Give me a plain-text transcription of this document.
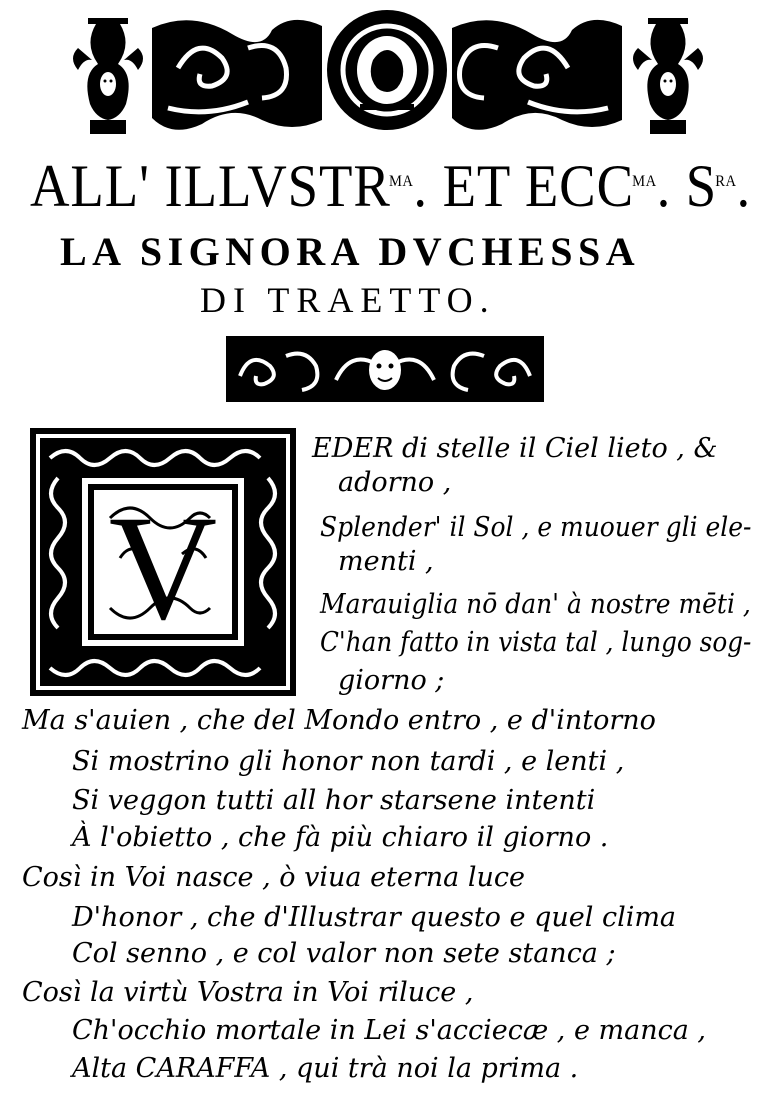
ALL' $ILLVSTR^{MA}$. ET $ECC^{MA}$. $S^{RA}$.
LA SIGNORA DVCHESSA
DI TRAETTO.
V
EDER di stelle il Ciel lieto , &
adorno ,
Splender' il Sol , e muouer gli ele-
menti ,
Marauiglia nō dan' à nostre mēti ,
C'han fatto in vista tal , lungo sog-
giorno ;
Ma s'auien , che del Mondo entro , e d'intorno
Si mostrino gli honor non tardi , e lenti ,
Si veggon tutti all hor starsene intenti
À l'obietto , che fà più chiaro il giorno .
Così in Voi nasce , ò viua eterna luce
D'honor , che d'Illustrar questo e quel clima
Col senno , e col valor non sete stanca ;
Così la virtù Vostra in Voi riluce ,
Ch'occhio mortale in Lei s'acciecæ , e manca ,
Alta CARAFFA , qui trà noi la prima .
